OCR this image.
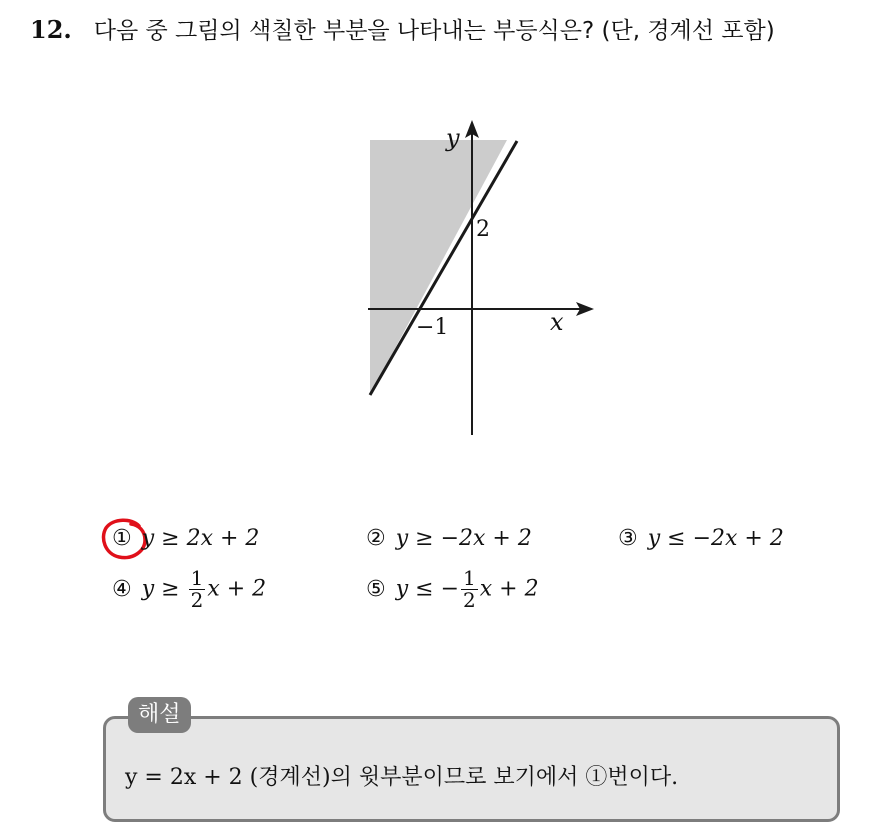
12. 다음 중 그림의 색칠한 부분을 나타내는 부등식은? (단, 경계선 포함)
y
2
−1	x
① y ≥ 2x + 2	② y ≥ −2x + 2	③ y ≤ −2x + 2
④ $y \ge \frac{1}{2}$ x + 2	⑤ y ≤ − $\frac{1}{2}$ x + 2
해설
y = 2x + 2 (경계선)의 윗부분이므로 보기에서 ①번이다.
